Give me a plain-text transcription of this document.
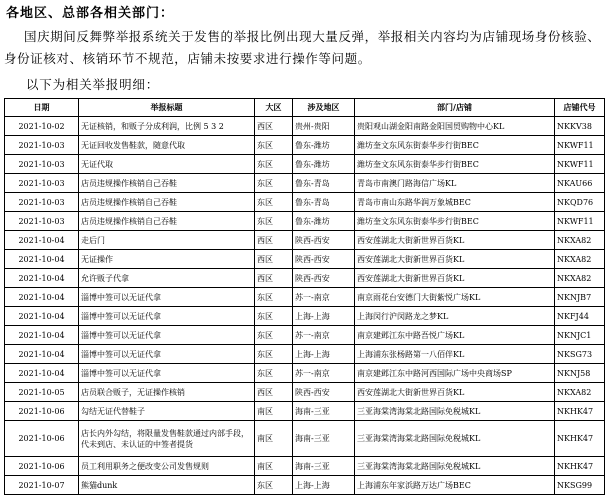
各地区、总部各相关部门：
国庆期间反舞弊举报系统关于发售的举报比例出现大量反弹，举报相关内容均为店铺现场身份核验、身份证核对、核销环节不规范，店铺未按要求进行操作等问题。
以下为相关举报明细：
日期	举报标题	大区	涉及地区	部门/店铺	店铺代号
2021-10-02	无证核销，和贩子分成利润，比例 5 3 2	西区	贵州-贵阳	贵阳观山湖金阳南路金阳国贸购物中心KL	NKKV38
2021-10-03	无证回收发售鞋款，随意代取	东区	鲁东-潍坊	潍坊奎文东风东街泰华步行街BEC	NKWF11
2021-10-03	无证代取	东区	鲁东-潍坊	潍坊奎文东风东街泰华步行街BEC	NKWF11
2021-10-03	店员违规操作核销自己吞鞋	东区	鲁东-青岛	青岛市南澳门路海信广场KL	NKAU66
2021-10-03	店员违规操作核销自己吞鞋	东区	鲁东-青岛	青岛市南山东路华润万象城BEC	NKQD76
2021-10-03	店员违规操作核销自己吞鞋	东区	鲁东-潍坊	潍坊奎文东风东街泰华步行街BEC	NKWF11
2021-10-04	走后门	西区	陕西-西安	西安莲湖北大街新世界百货KL	NKXA82
2021-10-04	无证操作	西区	陕西-西安	西安莲湖北大街新世界百货KL	NKXA82
2021-10-04	允许贩子代拿	西区	陕西-西安	西安莲湖北大街新世界百货KL	NKXA82
2021-10-04	淄博中签可以无证代拿	东区	苏一-南京	南京雨花台安德门大街紫悦广场KL	NKNJB7
2021-10-04	淄博中签可以无证代拿	东区	上海-上海	上海闵行沪闵路龙之梦KL	NKFJ44
2021-10-04	淄博中签可以无证代拿	东区	苏一-南京	南京建邺江东中路吾悦广场KL	NKNJC1
2021-10-04	淄博中签可以无证代拿	东区	上海-上海	上海浦东张杨路第一八佰伴KL	NKSG73
2021-10-04	淄博中签可以无证代拿	东区	苏一-南京	南京建邺江东中路河西国际广场中央商场SP	NKNJ58
2021-10-05	店员联合贩子，无证操作核销	西区	陕西-西安	西安莲湖北大街新世界百货KL	NKXA82
2021-10-06	勾结无证代替鞋子	南区	海南-三亚	三亚海棠湾海棠北路国际免税城KL	NKHK47
2021-10-06	店长内外勾结，将限量发售鞋款通过内部手段，代未到店、未认证的中签者提货	南区	海南-三亚	三亚海棠湾海棠北路国际免税城KL	NKHK47
2021-10-06	员工利用职务之便改变公司发售规则	南区	海南-三亚	三亚海棠湾海棠北路国际免税城KL	NKHK47
2021-10-07	熊猫dunk	东区	上海-上海	上海浦东年家浜路万达广场BEC	NKSG99
